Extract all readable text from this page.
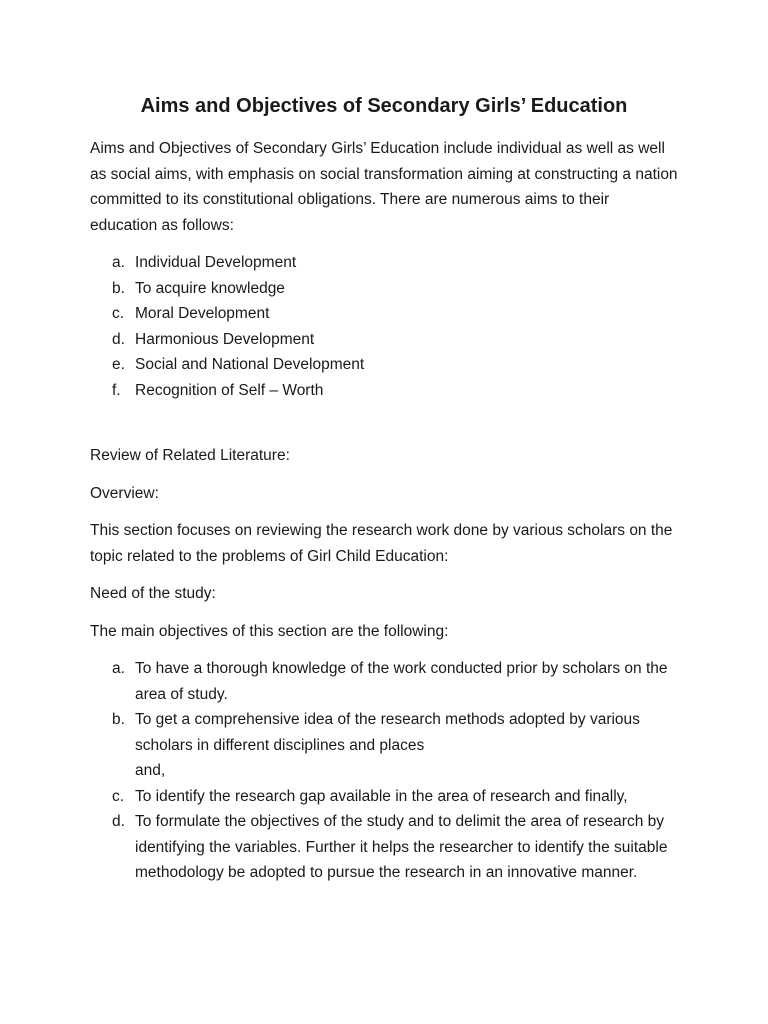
Aims and Objectives of Secondary Girls’ Education

Aims and Objectives of Secondary Girls’ Education include individual as well as well as social aims, with emphasis on social transformation aiming at constructing a nation committed to its constitutional obligations. There are numerous aims to their education as follows:

a. Individual Development
b. To acquire knowledge
c. Moral Development
d. Harmonious Development
e. Social and National Development
f. Recognition of Self – Worth

Review of Related Literature:

Overview:

This section focuses on reviewing the research work done by various scholars on the topic related to the problems of Girl Child Education:

Need of the study:

The main objectives of this section are the following:

a. To have a thorough knowledge of the work conducted prior by scholars on the area of study.
b. To get a comprehensive idea of the research methods adopted by various scholars in different disciplines and places
and,
c. To identify the research gap available in the area of research and finally,
d. To formulate the objectives of the study and to delimit the area of research by identifying the variables. Further it helps the researcher to identify the suitable methodology be adopted to pursue the research in an innovative manner.
